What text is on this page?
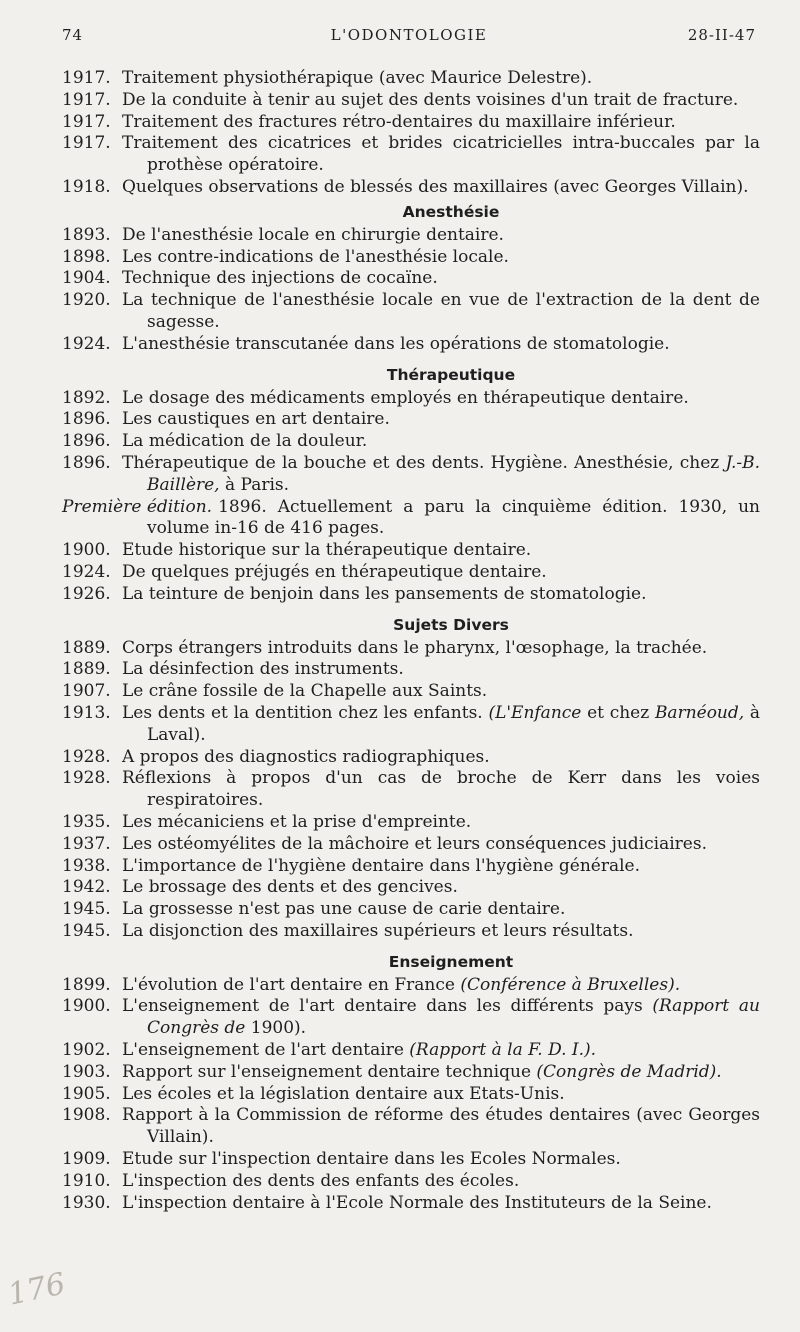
74	L'ODONTOLOGIE	28-II-47
1917. Traitement physiothérapique (avec Maurice Delestre).
1917. De la conduite à tenir au sujet des dents voisines d'un trait de fracture.
1917. Traitement des fractures rétro-dentaires du maxillaire inférieur.
1917. Traitement des cicatrices et brides cicatricielles intra-buccales par la prothèse opératoire.
1918. Quelques observations de blessés des maxillaires (avec Georges Villain).
Anesthésie
1893. De l'anesthésie locale en chirurgie dentaire.
1898. Les contre-indications de l'anesthésie locale.
1904. Technique des injections de cocaïne.
1920. La technique de l'anesthésie locale en vue de l'extraction de la dent de sagesse.
1924. L'anesthésie transcutanée dans les opérations de stomatologie.
Thérapeutique
1892. Le dosage des médicaments employés en thérapeutique dentaire.
1896. Les caustiques en art dentaire.
1896. La médication de la douleur.
1896. Thérapeutique de la bouche et des dents. Hygiène. Anesthésie, chez J.-B. Baillère, à Paris.
Première édition. 1896. Actuellement a paru la cinquième édition. 1930, un volume in-16 de 416 pages.
1900. Etude historique sur la thérapeutique dentaire.
1924. De quelques préjugés en thérapeutique dentaire.
1926. La teinture de benjoin dans les pansements de stomatologie.
Sujets Divers
1889. Corps étrangers introduits dans le pharynx, l'œsophage, la trachée.
1889. La désinfection des instruments.
1907. Le crâne fossile de la Chapelle aux Saints.
1913. Les dents et la dentition chez les enfants. (L'Enfance et chez Barnéoud, à Laval).
1928. A propos des diagnostics radiographiques.
1928. Réflexions à propos d'un cas de broche de Kerr dans les voies respiratoires.
1935. Les mécaniciens et la prise d'empreinte.
1937. Les ostéomyélites de la mâchoire et leurs conséquences judiciaires.
1938. L'importance de l'hygiène dentaire dans l'hygiène générale.
1942. Le brossage des dents et des gencives.
1945. La grossesse n'est pas une cause de carie dentaire.
1945. La disjonction des maxillaires supérieurs et leurs résultats.
Enseignement
1899. L'évolution de l'art dentaire en France (Conférence à Bruxelles).
1900. L'enseignement de l'art dentaire dans les différents pays (Rapport au Congrès de 1900).
1902. L'enseignement de l'art dentaire (Rapport à la F. D. I.).
1903. Rapport sur l'enseignement dentaire technique (Congrès de Madrid).
1905. Les écoles et la législation dentaire aux Etats-Unis.
1908. Rapport à la Commission de réforme des études dentaires (avec Georges Villain).
1909. Etude sur l'inspection dentaire dans les Ecoles Normales.
1910. L'inspection des dents des enfants des écoles.
1930. L'inspection dentaire à l'Ecole Normale des Instituteurs de la Seine.
176
